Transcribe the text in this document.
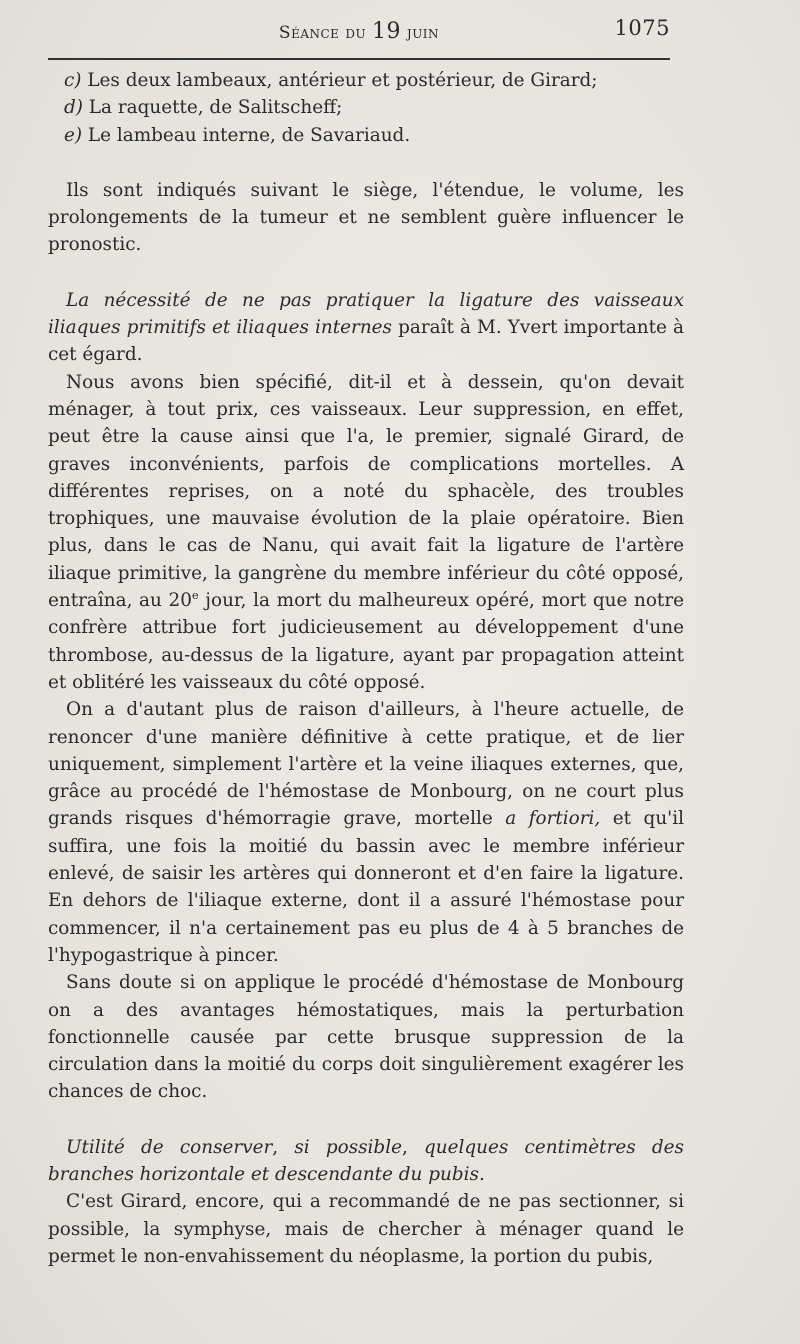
Séance du 19 juin	1075

c) Les deux lambeaux, antérieur et postérieur, de Girard;

d) La raquette, de Salitscheff;

e) Le lambeau interne, de Savariaud.

Ils sont indiqués suivant le siège, l'étendue, le volume, les prolongements de la tumeur et ne semblent guère influencer le pronostic.

La nécessité de ne pas pratiquer la ligature des vaisseaux iliaques primitifs et iliaques internes paraît à M. Yvert importante à cet égard.

Nous avons bien spécifié, dit-il et à dessein, qu'on devait ménager, à tout prix, ces vaisseaux. Leur suppression, en effet, peut être la cause ainsi que l'a, le premier, signalé Girard, de graves inconvénients, parfois de complications mortelles. A différentes reprises, on a noté du sphacèle, des troubles trophiques, une mauvaise évolution de la plaie opératoire. Bien plus, dans le cas de Nanu, qui avait fait la ligature de l'artère iliaque primitive, la gangrène du membre inférieur du côté opposé, entraîna, au 20e jour, la mort du malheureux opéré, mort que notre confrère attribue fort judicieusement au développement d'une thrombose, au-dessus de la ligature, ayant par propagation atteint et oblitéré les vaisseaux du côté opposé.

On a d'autant plus de raison d'ailleurs, à l'heure actuelle, de renoncer d'une manière définitive à cette pratique, et de lier uniquement, simplement l'artère et la veine iliaques externes, que, grâce au procédé de l'hémostase de Monbourg, on ne court plus grands risques d'hémorragie grave, mortelle a fortiori, et qu'il suffira, une fois la moitié du bassin avec le membre inférieur enlevé, de saisir les artères qui donneront et d'en faire la ligature. En dehors de l'iliaque externe, dont il a assuré l'hémostase pour commencer, il n'a certainement pas eu plus de 4 à 5 branches de l'hypogastrique à pincer.

Sans doute si on applique le procédé d'hémostase de Monbourg on a des avantages hémostatiques, mais la perturbation fonctionnelle causée par cette brusque suppression de la circulation dans la moitié du corps doit singulièrement exagérer les chances de choc.

Utilité de conserver, si possible, quelques centimètres des branches horizontale et descendante du pubis.

C'est Girard, encore, qui a recommandé de ne pas sectionner, si possible, la symphyse, mais de chercher à ménager quand le permet le non-envahissement du néoplasme, la portion du pubis,
